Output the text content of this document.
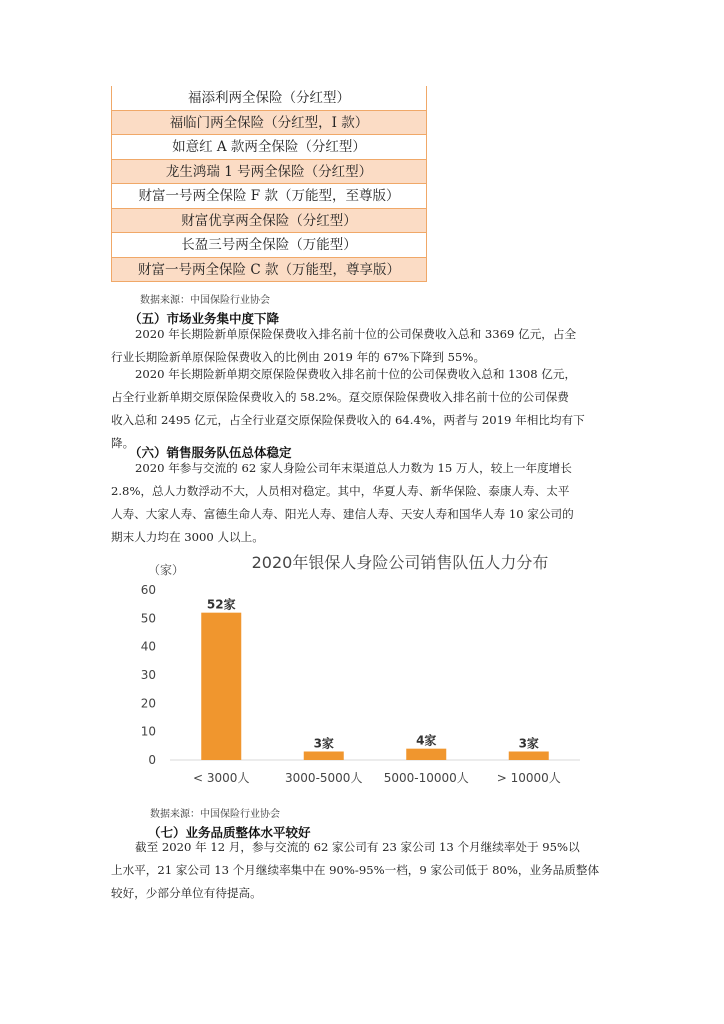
福添利两全保险（分红型）
福临门两全保险（分红型，I 款）
如意红 A 款两全保险（分红型）
龙生鸿瑞 1 号两全保险（分红型）
财富一号两全保险 F 款（万能型，至尊版）
财富优享两全保险（分红型）
长盈三号两全保险（万能型）
财富一号两全保险 C 款（万能型，尊享版）
数据来源：中国保险行业协会
（五）市场业务集中度下降
2020 年长期险新单原保险保费收入排名前十位的公司保费收入总和 3369 亿元，占全
行业长期险新单原保险保费收入的比例由 2019 年的 67%下降到 55%。
2020 年长期险新单期交原保险保费收入排名前十位的公司保费收入总和 1308 亿元，
占全行业新单期交原保险保费收入的 58.2%。趸交原保险保费收入排名前十位的公司保费
收入总和 2495 亿元，占全行业趸交原保险保费收入的 64.4%，两者与 2019 年相比均有下
降。
（六）销售服务队伍总体稳定
2020 年参与交流的 62 家人身险公司年末渠道总人力数为 15 万人，较上一年度增长
2.8%，总人力数浮动不大，人员相对稳定。其中，华夏人寿、新华保险、泰康人寿、太平
人寿、大家人寿、富德生命人寿、阳光人寿、建信人寿、天安人寿和国华人寿 10 家公司的
期末人力均在 3000 人以上。
2020年银保人身险公司销售队伍人力分布
（家）
0
10
20
30
40
50
60
52家
< 3000人
3家
3000-5000人
4家
5000-10000人
3家
> 10000人
数据来源：中国保险行业协会
（七）业务品质整体水平较好
截至 2020 年 12 月，参与交流的 62 家公司有 23 家公司 13 个月继续率处于 95%以
上水平，21 家公司 13 个月继续率集中在 90%-95%一档，9 家公司低于 80%，业务品质整体
较好，少部分单位有待提高。
